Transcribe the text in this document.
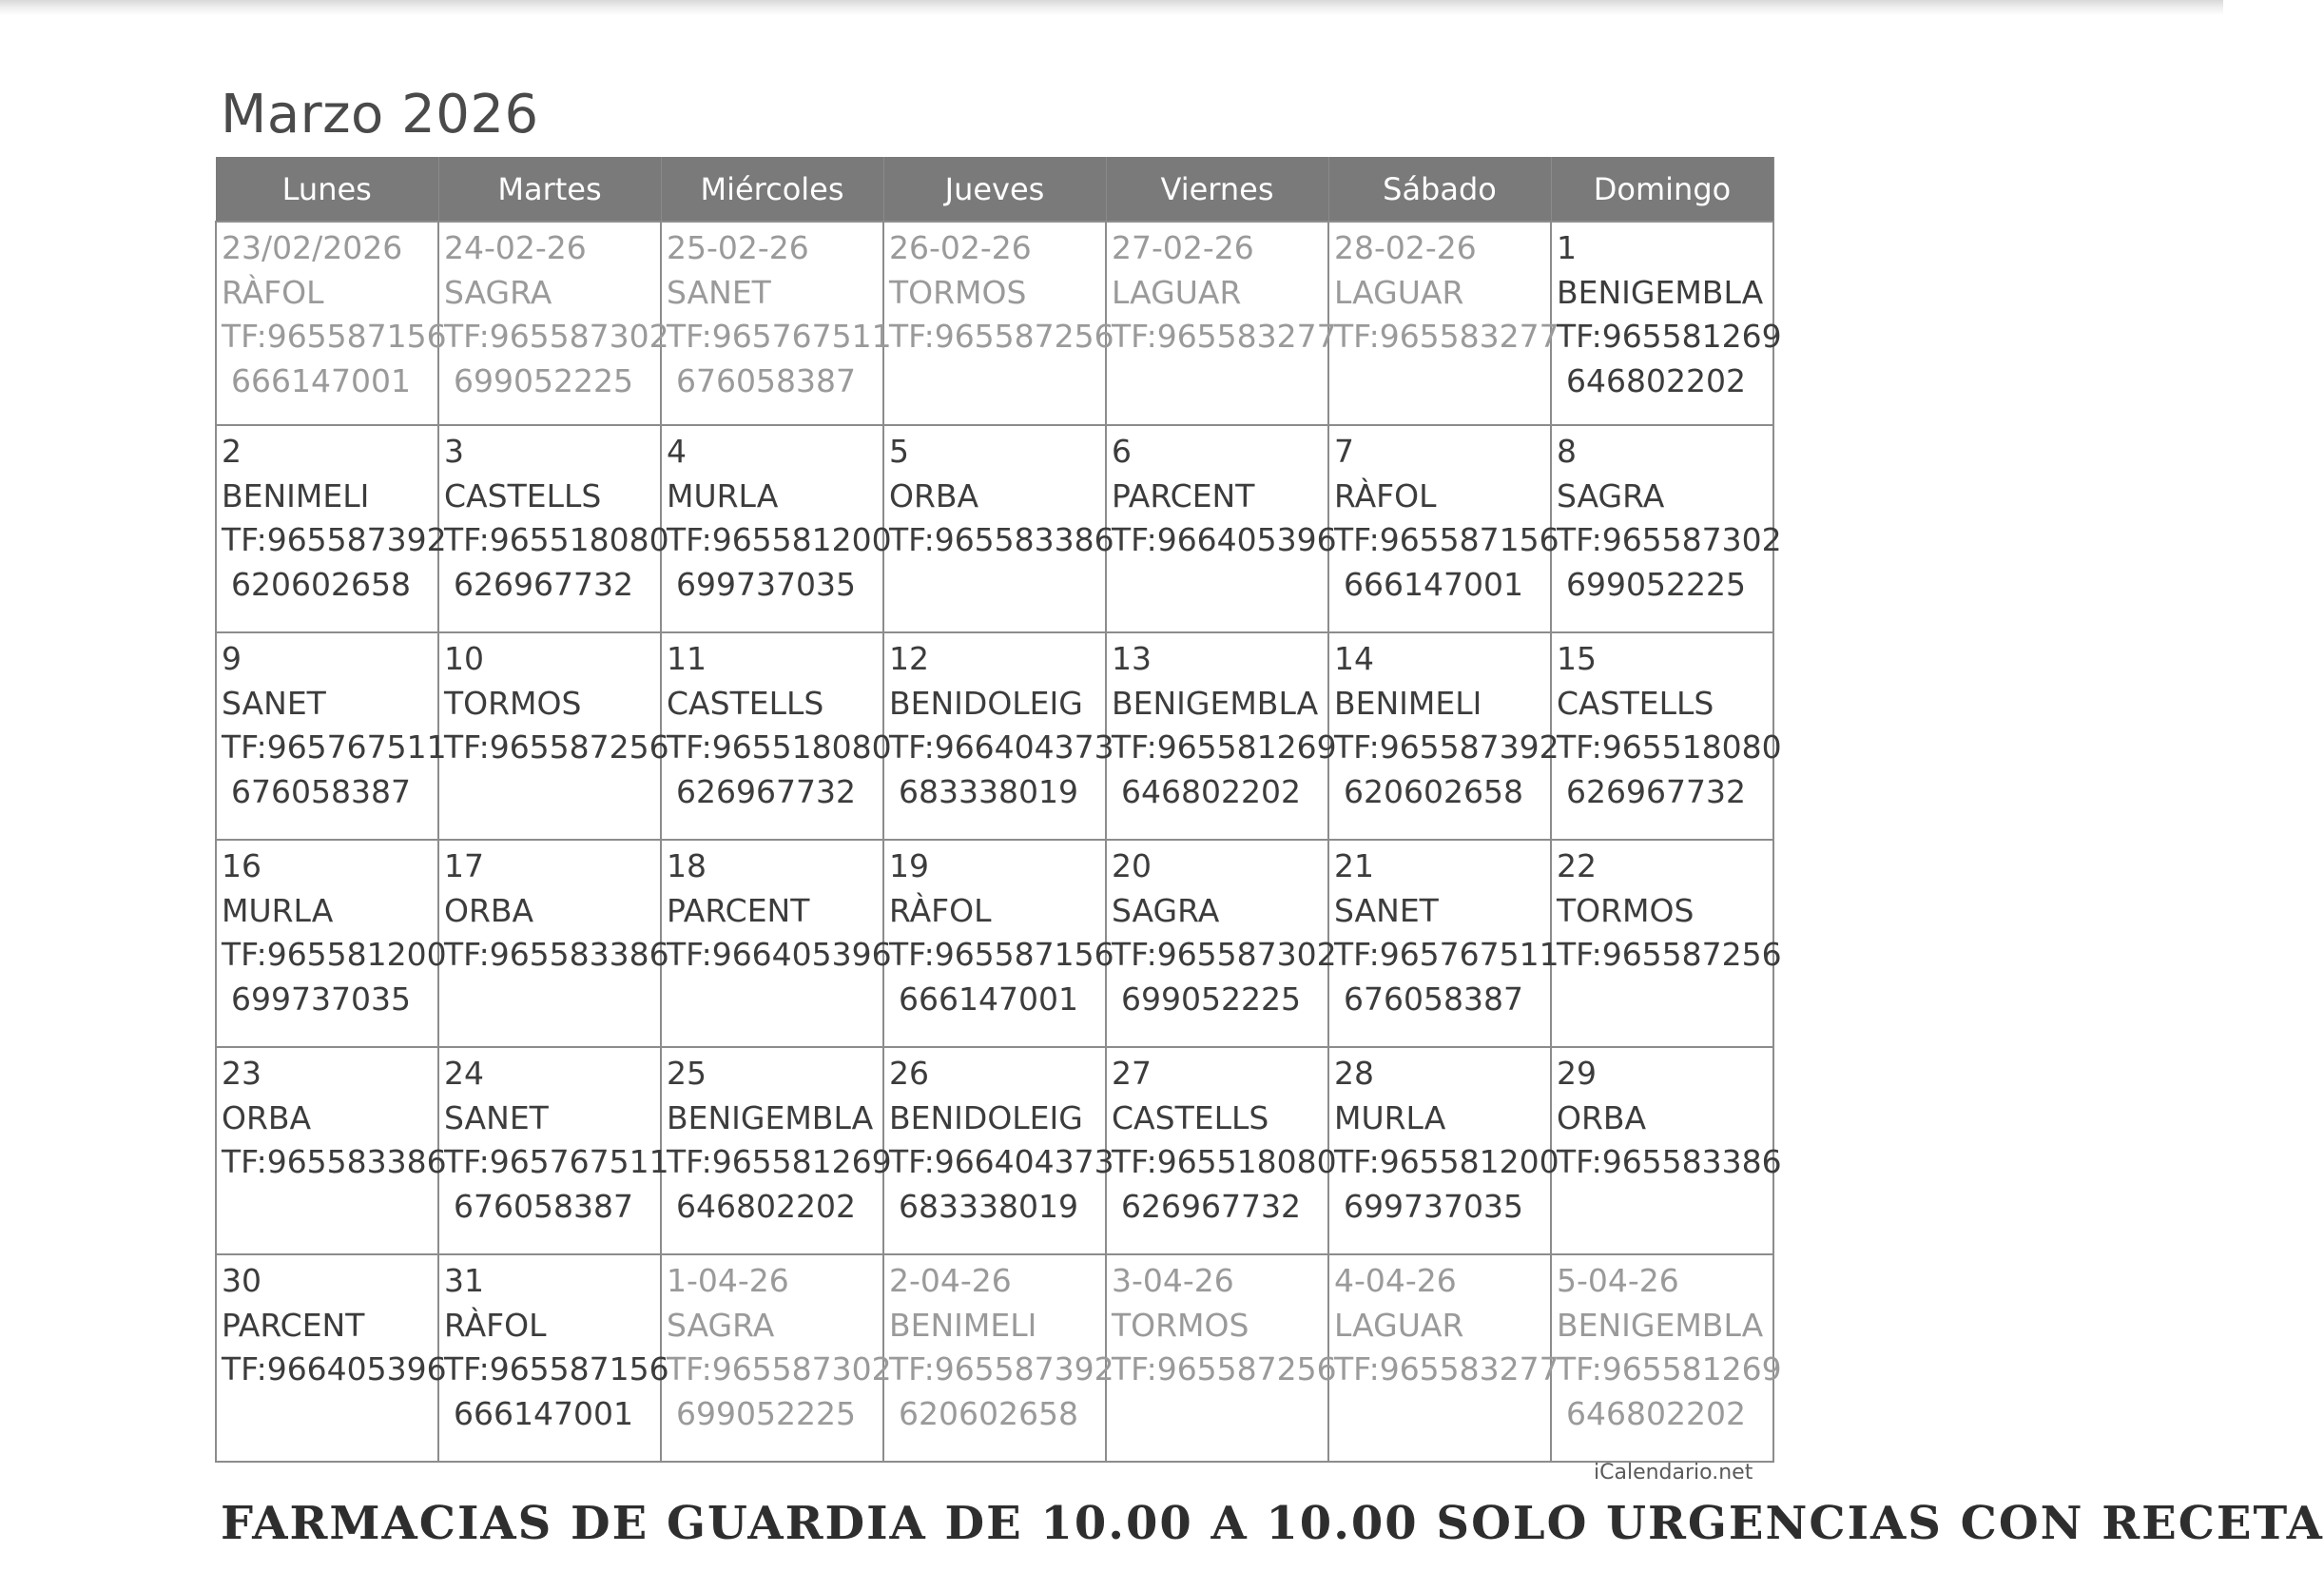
Marzo 2026
Lunes	Martes	Miércoles	Jueves	Viernes	Sábado	Domingo

23/02/2026
RÀFOL
TF:965587156
666147001	24-02-26
SAGRA
TF:965587302
699052225	25-02-26
SANET
TF:965767511
676058387	26-02-26
TORMOS
TF:965587256	27-02-26
LAGUAR
TF:965583277	28-02-26
LAGUAR
TF:965583277	1
BENIGEMBLA
TF:965581269
646802202

2
BENIMELI
TF:965587392
620602658	3
CASTELLS
TF:965518080
626967732	4
MURLA
TF:965581200
699737035	5
ORBA
TF:965583386	6
PARCENT
TF:966405396	7
RÀFOL
TF:965587156
666147001	8
SAGRA
TF:965587302
699052225

9
SANET
TF:965767511
676058387	10
TORMOS
TF:965587256	11
CASTELLS
TF:965518080
626967732	12
BENIDOLEIG
TF:966404373
683338019	13
BENIGEMBLA
TF:965581269
646802202	14
BENIMELI
TF:965587392
620602658	15
CASTELLS
TF:965518080
626967732

16
MURLA
TF:965581200
699737035	17
ORBA
TF:965583386	18
PARCENT
TF:966405396	19
RÀFOL
TF:965587156
666147001	20
SAGRA
TF:965587302
699052225	21
SANET
TF:965767511
676058387	22
TORMOS
TF:965587256

23
ORBA
TF:965583386	24
SANET
TF:965767511
676058387	25
BENIGEMBLA
TF:965581269
646802202	26
BENIDOLEIG
TF:966404373
683338019	27
CASTELLS
TF:965518080
626967732	28
MURLA
TF:965581200
699737035	29
ORBA
TF:965583386

30
PARCENT
TF:966405396	31
RÀFOL
TF:965587156
666147001	1-04-26
SAGRA
TF:965587302
699052225	2-04-26
BENIMELI
TF:965587392
620602658	3-04-26
TORMOS
TF:965587256	4-04-26
LAGUAR
TF:965583277	5-04-26
BENIGEMBLA
TF:965581269
646802202
iCalendario.net
FARMACIAS DE GUARDIA DE 10.00 A 10.00 SOLO URGENCIAS CON RECETA
